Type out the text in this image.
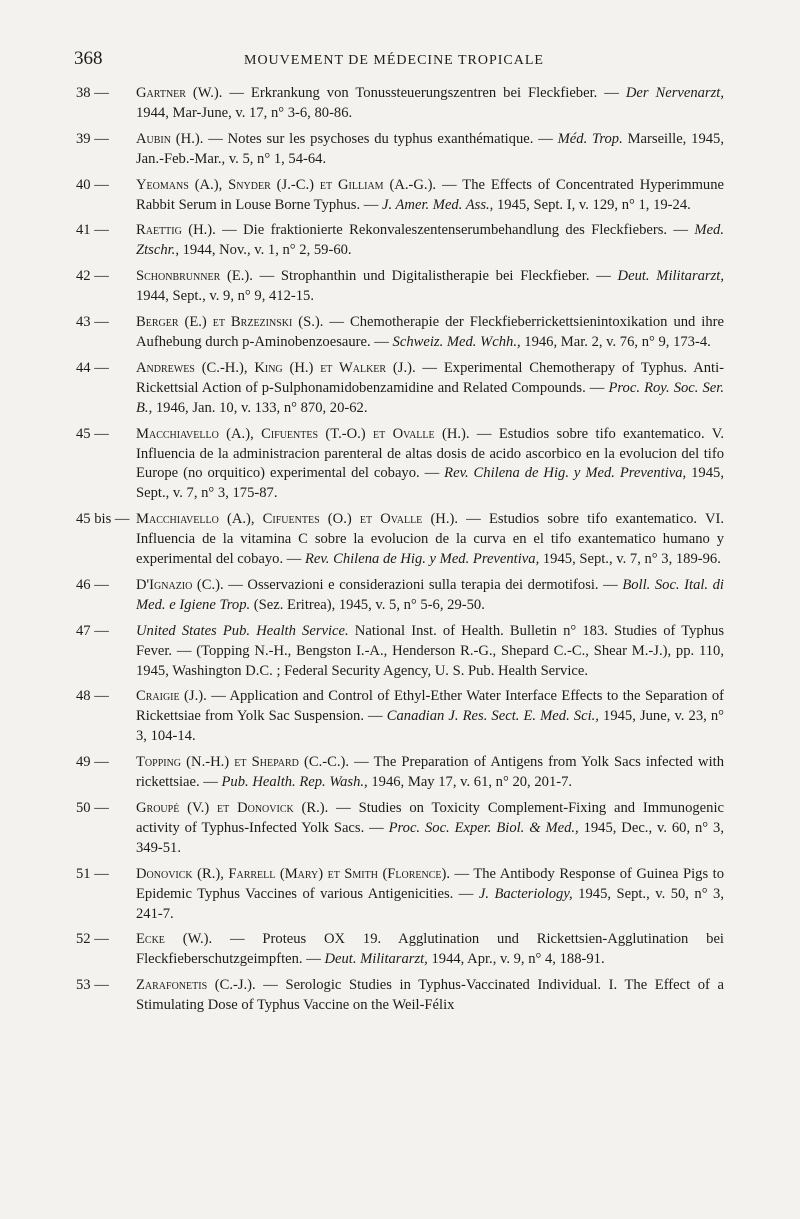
368	MOUVEMENT DE MÉDECINE TROPICALE
38 — Gartner (W.). — Erkrankung von Tonussteuerungszentren bei Fleckfieber. — Der Nervenarzt, 1944, Mar-June, v. 17, n° 3-6, 80-86.
39 — Aubin (H.). — Notes sur les psychoses du typhus exanthématique. — Méd. Trop. Marseille, 1945, Jan.-Feb.-Mar., v. 5, n° 1, 54-64.
40 — Yeomans (A.), Snyder (J.-C.) et Gilliam (A.-G.). — The Effects of Concentrated Hyperimmune Rabbit Serum in Louse Borne Typhus. — J. Amer. Med. Ass., 1945, Sept. I, v. 129, n° 1, 19-24.
41 — Raettig (H.). — Die fraktionierte Rekonvaleszentenserumbehandlung des Fleckfiebers. — Med. Ztschr., 1944, Nov., v. 1, n° 2, 59-60.
42 — Schonbrunner (E.). — Strophanthin und Digitalistherapie bei Fleckfieber. — Deut. Militararzt, 1944, Sept., v. 9, n° 9, 412-15.
43 — Berger (E.) et Brzezinski (S.). — Chemotherapie der Fleckfieberrickettsienintoxikation und ihre Aufhebung durch p-Aminobenzoesaure. — Schweiz. Med. Wchh., 1946, Mar. 2, v. 76, n° 9, 173-4.
44 — Andrewes (C.-H.), King (H.) et Walker (J.). — Experimental Chemotherapy of Typhus. Anti-Rickettsial Action of p-Sulphonamidobenzamidine and Related Compounds. — Proc. Roy. Soc. Ser. B., 1946, Jan. 10, v. 133, n° 870, 20-62.
45 — Macchiavello (A.), Cifuentes (T.-O.) et Ovalle (H.). — Estudios sobre tifo exantematico. V. Influencia de la administracion parenteral de altas dosis de acido ascorbico en la evolucion del tifo Europe (no orquitico) experimental del cobayo. — Rev. Chilena de Hig. y Med. Preventiva, 1945, Sept., v. 7, n° 3, 175-87.
45 bis — Macchiavello (A.), Cifuentes (O.) et Ovalle (H.). — Estudios sobre tifo exantematico. VI. Influencia de la vitamina C sobre la evolucion de la curva en el tifo exantematico humano y experimental del cobayo. — Rev. Chilena de Hig. y Med. Preventiva, 1945, Sept., v. 7, n° 3, 189-96.
46 — D'Ignazio (C.). — Osservazioni e considerazioni sulla terapia dei dermotifosi. — Boll. Soc. Ital. di Med. e Igiene Trop. (Sez. Eritrea), 1945, v. 5, n° 5-6, 29-50.
47 — United States Pub. Health Service. National Inst. of Health. Bulletin n° 183. Studies of Typhus Fever. — (Topping N.-H., Bengston I.-A., Henderson R.-G., Shepard C.-C., Shear M.-J.), pp. 110, 1945, Washington D.C. ; Federal Security Agency, U. S. Pub. Health Service.
48 — Craigie (J.). — Application and Control of Ethyl-Ether Water Interface Effects to the Separation of Rickettsiae from Yolk Sac Suspension. — Canadian J. Res. Sect. E. Med. Sci., 1945, June, v. 23, n° 3, 104-14.
49 — Topping (N.-H.) et Shepard (C.-C.). — The Preparation of Antigens from Yolk Sacs infected with rickettsiae. — Pub. Health. Rep. Wash., 1946, May 17, v. 61, n° 20, 201-7.
50 — Groupé (V.) et Donovick (R.). — Studies on Toxicity Complement-Fixing and Immunogenic activity of Typhus-Infected Yolk Sacs. — Proc. Soc. Exper. Biol. & Med., 1945, Dec., v. 60, n° 3, 349-51.
51 — Donovick (R.), Farrell (Mary) et Smith (Florence). — The Antibody Response of Guinea Pigs to Epidemic Typhus Vaccines of various Antigenicities. — J. Bacteriology, 1945, Sept., v. 50, n° 3, 241-7.
52 — Ecke (W.). — Proteus OX 19. Agglutination und Rickettsien-Agglutination bei Fleckfieberschutzgeimpften. — Deut. Militararzt, 1944, Apr., v. 9, n° 4, 188-91.
53 — Zarafonetis (C.-J.). — Serologic Studies in Typhus-Vaccinated Individual. I. The Effect of a Stimulating Dose of Typhus Vaccine on the Weil-Félix
